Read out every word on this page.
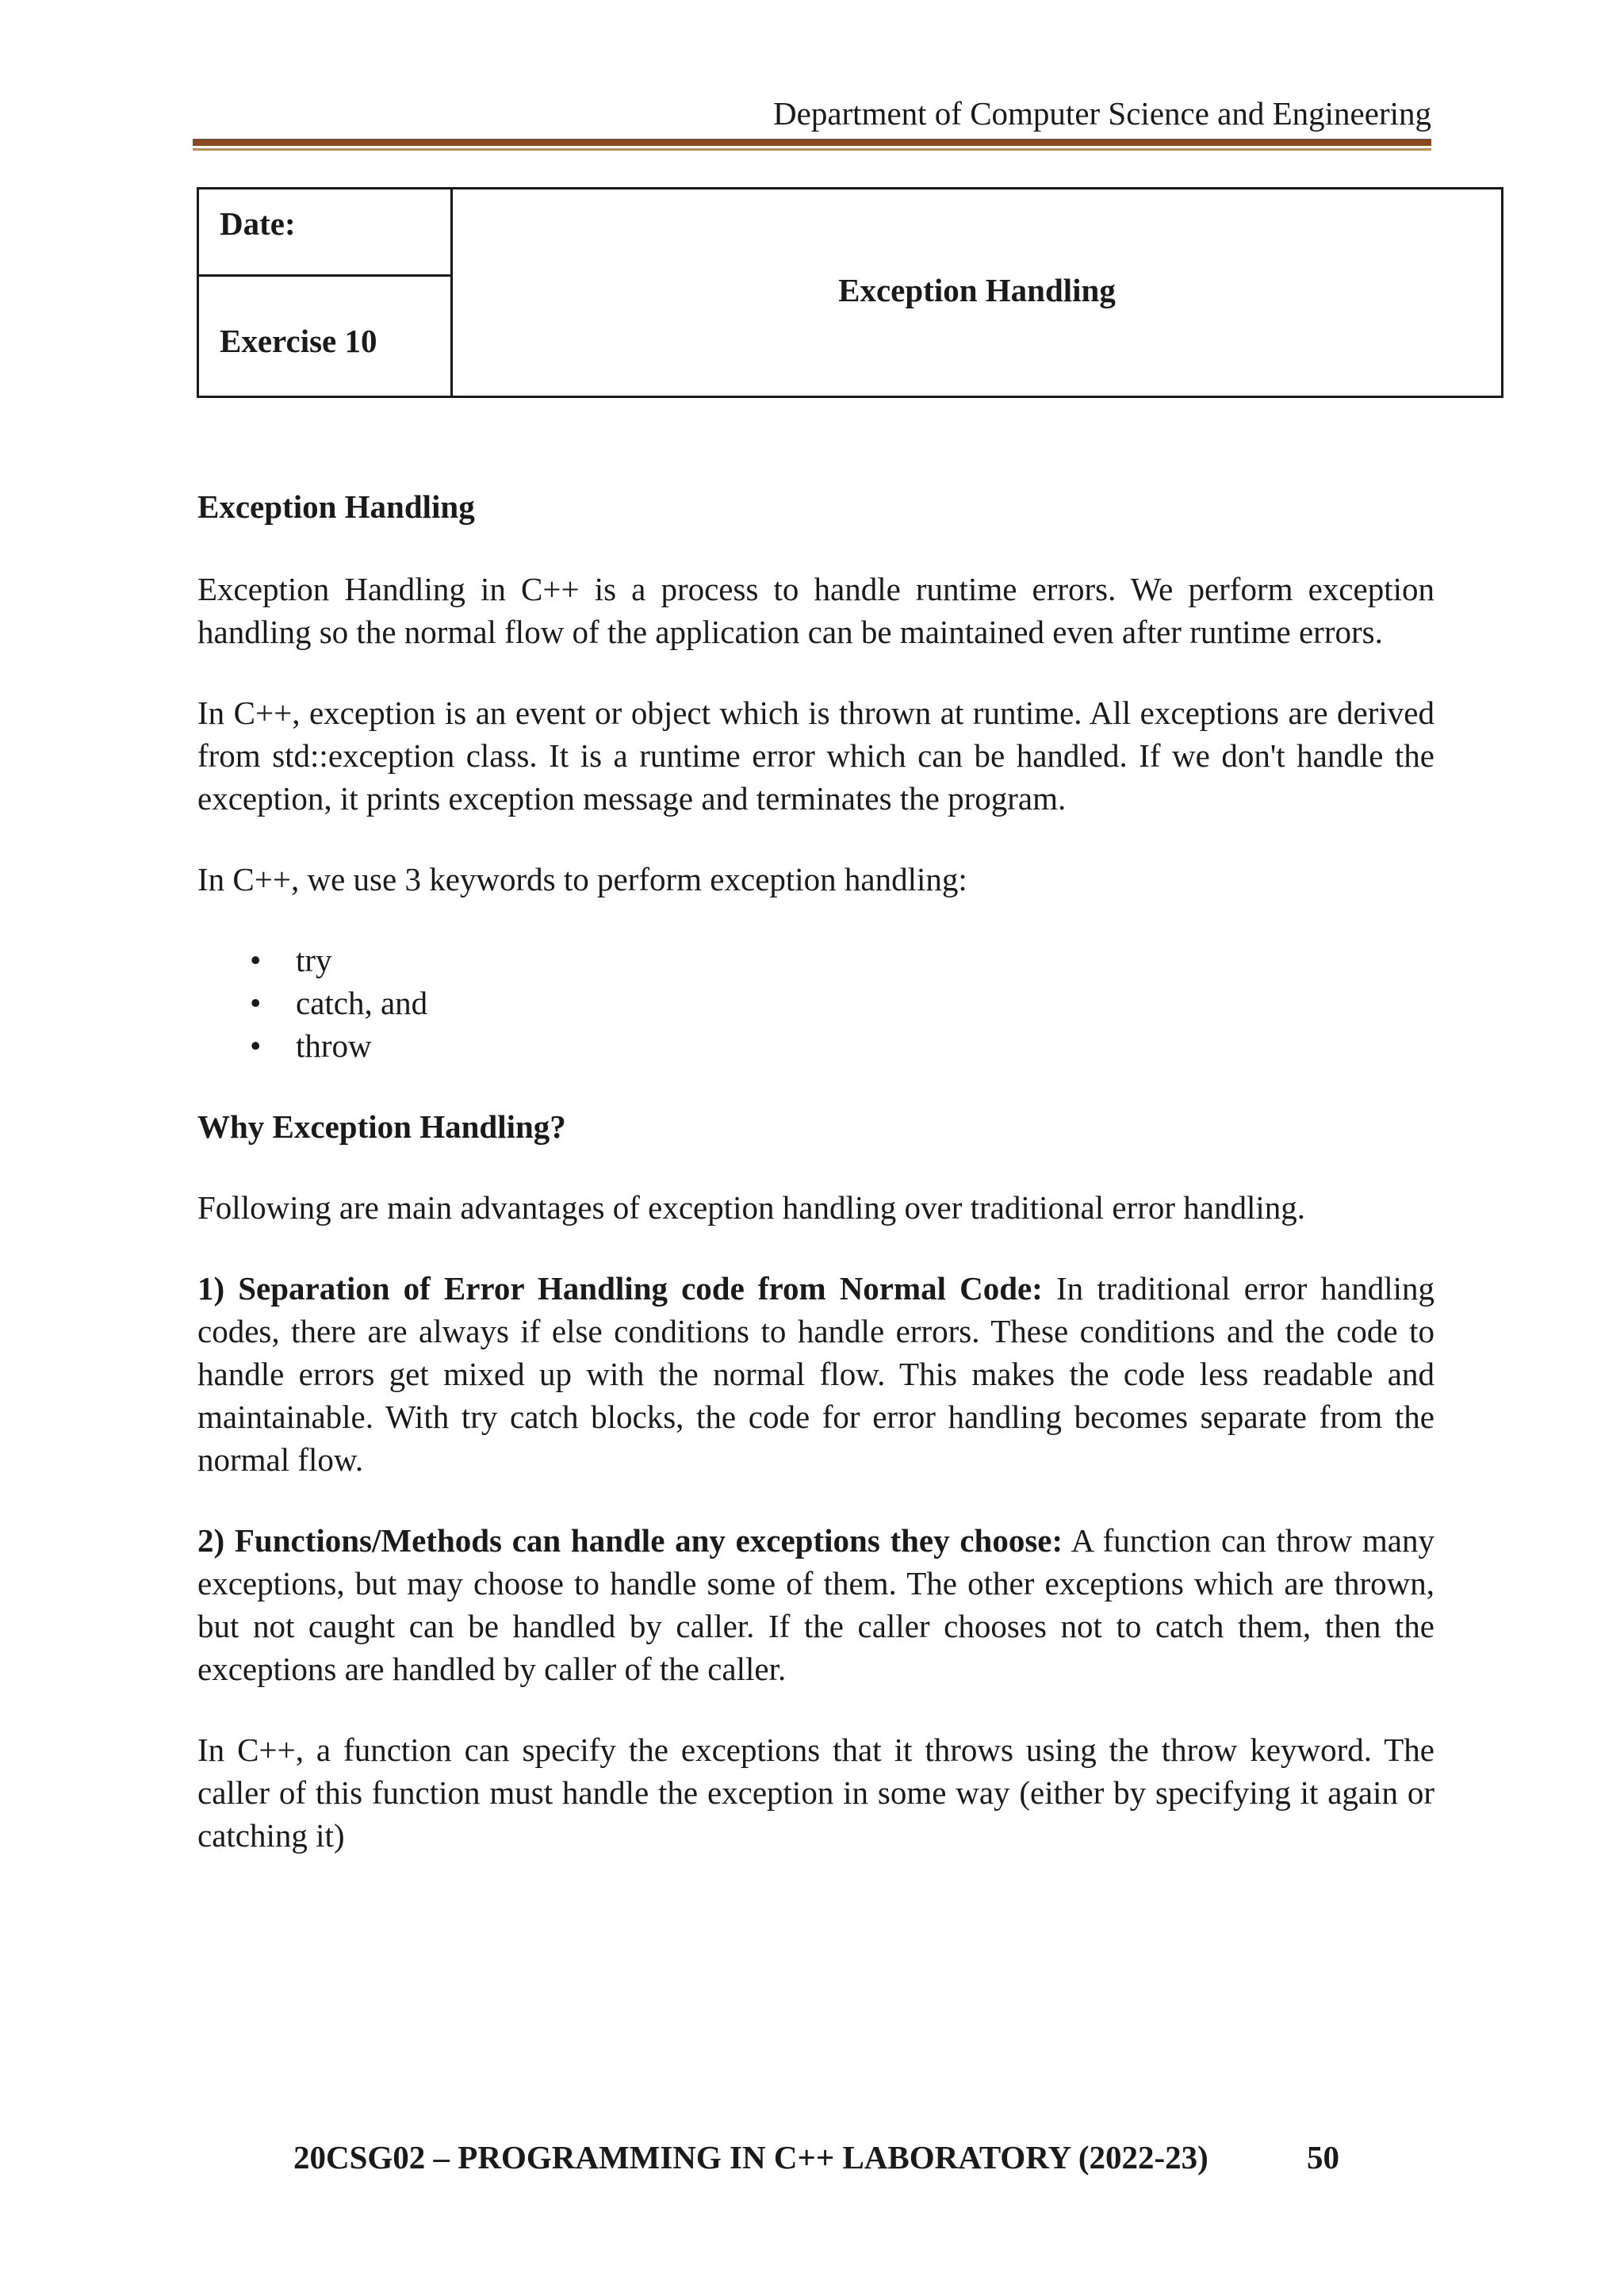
Department of Computer Science and Engineering
Date:
Exercise 10
Exception Handling

Exception Handling

Exception Handling in C++ is a process to handle runtime errors. We perform exception handling so the normal flow of the application can be maintained even after runtime errors.

In C++, exception is an event or object which is thrown at runtime. All exceptions are derived from std::exception class. It is a runtime error which can be handled. If we don't handle the exception, it prints exception message and terminates the program.

In C++, we use 3 keywords to perform exception handling:

• try
• catch, and
• throw

Why Exception Handling?

Following are main advantages of exception handling over traditional error handling.

1) Separation of Error Handling code from Normal Code: In traditional error handling codes, there are always if else conditions to handle errors. These conditions and the code to handle errors get mixed up with the normal flow. This makes the code less readable and maintainable. With try catch blocks, the code for error handling becomes separate from the normal flow.

2) Functions/Methods can handle any exceptions they choose: A function can throw many exceptions, but may choose to handle some of them. The other exceptions which are thrown, but not caught can be handled by caller. If the caller chooses not to catch them, then the exceptions are handled by caller of the caller.

In C++, a function can specify the exceptions that it throws using the throw keyword. The caller of this function must handle the exception in some way (either by specifying it again or catching it)

20CSG02 – PROGRAMMING IN C++ LABORATORY (2022-23)	50
